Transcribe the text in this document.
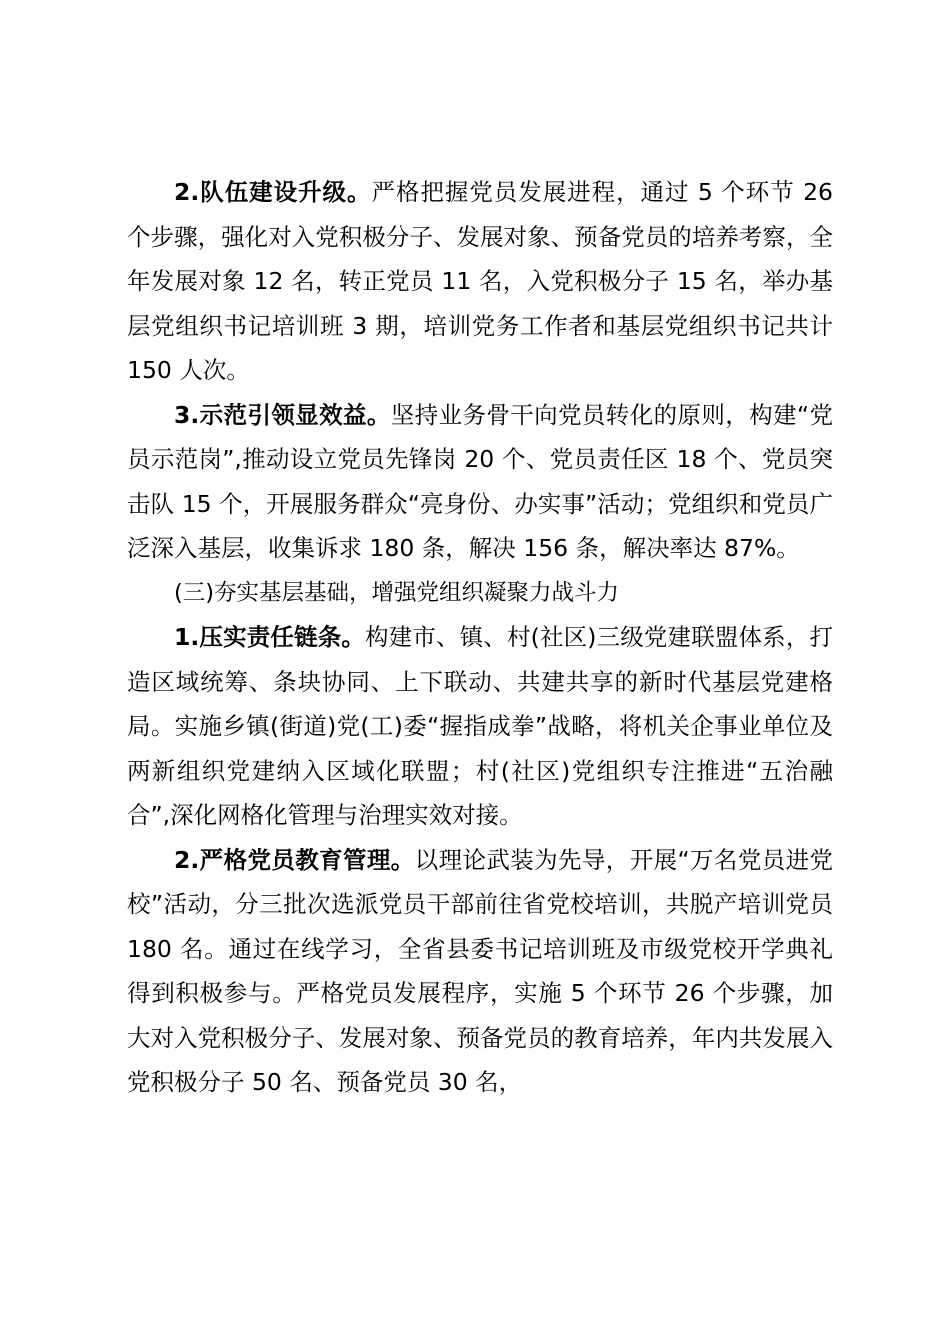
2.队伍建设升级。严格把握党员发展进程，通过 5 个环节 26 个步骤，强化对入党积极分子、发展对象、预备党员的培养考察，全年发展对象 12 名，转正党员 11 名，入党积极分子 15 名，举办基层党组织书记培训班 3 期，培训党务工作者和基层党组织书记共计 150 人次。

3.示范引领显效益。坚持业务骨干向党员转化的原则，构建“党员示范岗”,推动设立党员先锋岗 20 个、党员责任区 18 个、党员突击队 15 个，开展服务群众“亮身份、办实事”活动；党组织和党员广泛深入基层，收集诉求 180 条，解决 156 条，解决率达 87%。

(三)夯实基层基础，增强党组织凝聚力战斗力

1.压实责任链条。构建市、镇、村(社区)三级党建联盟体系，打造区域统筹、条块协同、上下联动、共建共享的新时代基层党建格局。实施乡镇(街道)党(工)委“握指成拳”战略，将机关企事业单位及两新组织党建纳入区域化联盟；村(社区)党组织专注推进“五治融合”,深化网格化管理与治理实效对接。

2.严格党员教育管理。以理论武装为先导，开展“万名党员进党校”活动，分三批次选派党员干部前往省党校培训，共脱产培训党员 180 名。通过在线学习，全省县委书记培训班及市级党校开学典礼得到积极参与。严格党员发展程序，实施 5 个环节 26 个步骤，加大对入党积极分子、发展对象、预备党员的教育培养，年内共发展入党积极分子 50 名、预备党员 30 名，
